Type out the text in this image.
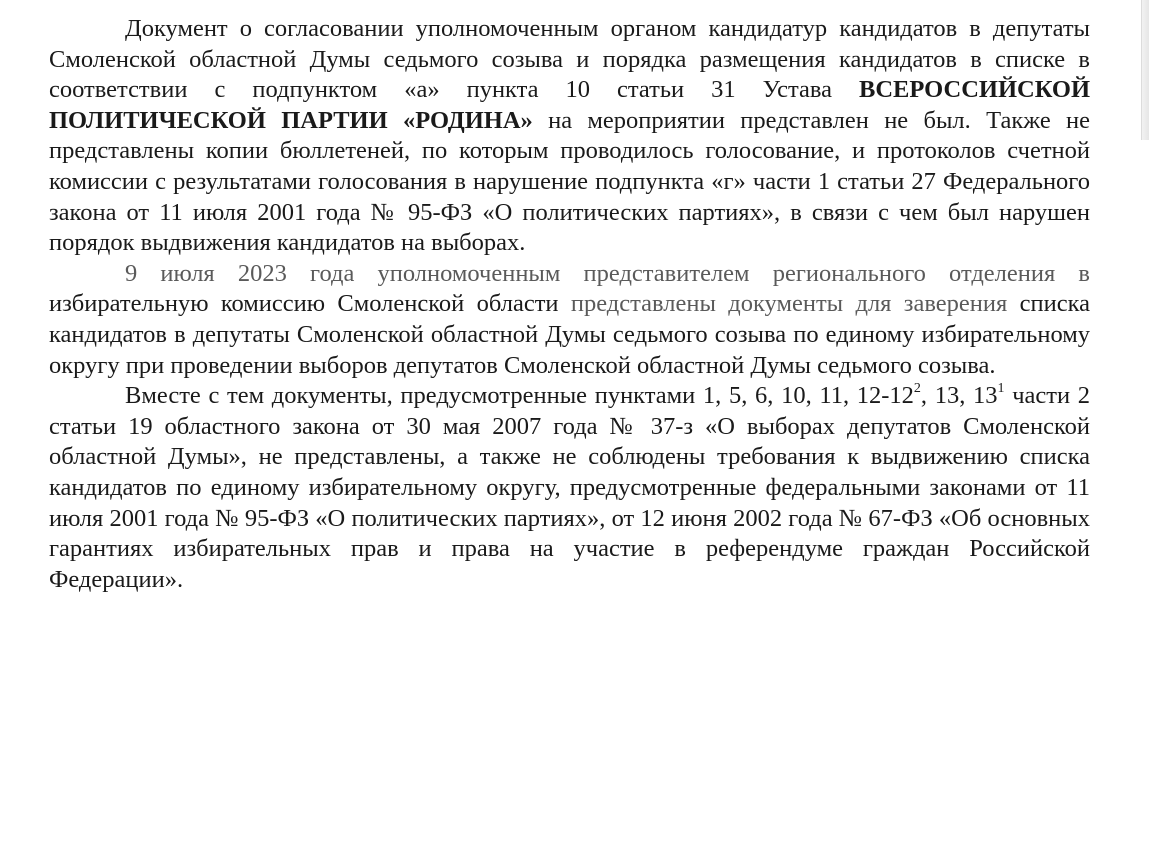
Документ о согласовании уполномоченным органом кандидатур кандидатов в депутаты Смоленской областной Думы седьмого созыва и порядка размещения кандидатов в списке в соответствии с подпунктом «а» пункта 10 статьи 31 Устава ВСЕРОССИЙСКОЙ ПОЛИТИЧЕСКОЙ ПАРТИИ «РОДИНА» на мероприятии представлен не был. Также не представлены копии бюллетеней, по которым проводилось голосование, и протоколов счетной комиссии с результатами голосования в нарушение подпункта «г» части 1 статьи 27 Федерального закона от 11 июля 2001 года № 95-ФЗ «О политических партиях», в связи с чем был нарушен порядок выдвижения кандидатов на выборах.

9 июля 2023 года уполномоченным представителем регионального отделения в избирательную комиссию Смоленской области представлены документы для заверения списка кандидатов в депутаты Смоленской областной Думы седьмого созыва по единому избирательному округу при проведении выборов депутатов Смоленской областной Думы седьмого созыва.

Вместе с тем документы, предусмотренные пунктами 1, 5, 6, 10, 11, $12-12^2$, 13, $13^1$ части 2 статьи 19 областного закона от 30 мая 2007 года № 37-з «О выборах депутатов Смоленской областной Думы», не представлены, а также не соблюдены требования к выдвижению списка кандидатов по единому избирательному округу, предусмотренные федеральными законами от 11 июля 2001 года № 95-ФЗ «О политических партиях», от 12 июня 2002 года № 67-ФЗ «Об основных гарантиях избирательных прав и права на участие в референдуме граждан Российской Федерации».
